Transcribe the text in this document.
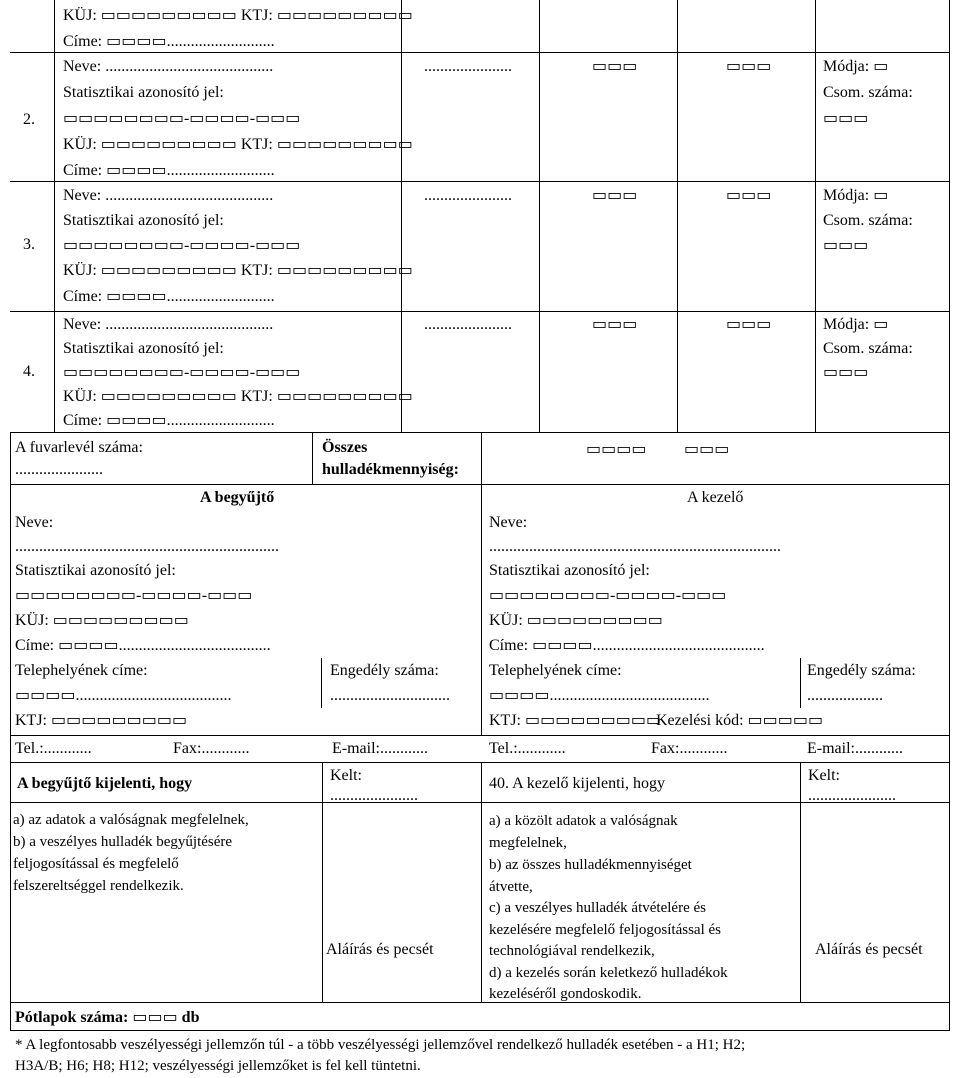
KÜJ: ▭▭▭▭▭▭▭▭▭ KTJ: ▭▭▭▭▭▭▭▭▭
Címe: ▭▭▭▭...........................
2.
Neve: ..........................................
Statisztikai azonosító jel:
▭▭▭▭▭▭▭▭-▭▭▭▭-▭▭▭
KÜJ: ▭▭▭▭▭▭▭▭▭ KTJ: ▭▭▭▭▭▭▭▭▭
Címe: ▭▭▭▭...........................
......................	▭▭▭	▭▭▭	Módja: ▭
Csom. száma:
▭▭▭
3.
Neve: ..........................................
Statisztikai azonosító jel:
▭▭▭▭▭▭▭▭-▭▭▭▭-▭▭▭
KÜJ: ▭▭▭▭▭▭▭▭▭ KTJ: ▭▭▭▭▭▭▭▭▭
Címe: ▭▭▭▭...........................
......................	▭▭▭	▭▭▭	Módja: ▭
Csom. száma:
▭▭▭
4.
Neve: ..........................................
Statisztikai azonosító jel:
▭▭▭▭▭▭▭▭-▭▭▭▭-▭▭▭
KÜJ: ▭▭▭▭▭▭▭▭▭ KTJ: ▭▭▭▭▭▭▭▭▭
Címe: ▭▭▭▭...........................
......................	▭▭▭	▭▭▭	Módja: ▭
Csom. száma:
▭▭▭
A fuvarlevél száma:
......................
Összes
hulladékmennyiség:
▭▭▭▭ ▭▭▭
A begyűjtő
Neve:
..................................................................
Statisztikai azonosító jel:
▭▭▭▭▭▭▭▭-▭▭▭▭-▭▭▭
KÜJ: ▭▭▭▭▭▭▭▭▭
Címe: ▭▭▭▭......................................
Telephelyének címe:
▭▭▭▭.......................................
Engedély száma:
..............................
KTJ: ▭▭▭▭▭▭▭▭▭
Tel.:............	Fax:............	E-mail:............
A kezelő
Neve:
.........................................................................
Statisztikai azonosító jel:
▭▭▭▭▭▭▭▭-▭▭▭▭-▭▭▭
KÜJ: ▭▭▭▭▭▭▭▭▭
Címe: ▭▭▭▭...........................................
Telephelyének címe:
▭▭▭▭........................................
Engedély száma:
...................
KTJ: ▭▭▭▭▭▭▭▭▭
Kezelési kód: ▭▭▭▭▭
Tel.:............	Fax:............	E-mail:............
A begyűjtő kijelenti, hogy	Kelt:
......................
a) az adatok a valóságnak megfelelnek,
b) a veszélyes hulladék begyűjtésére
feljogosítással és megfelelő
felszereltséggel rendelkezik.
Aláírás és pecsét
40. A kezelő kijelenti, hogy	Kelt:
......................
a) a közölt adatok a valóságnak
megfelelnek,
b) az összes hulladékmennyiséget
átvette,
c) a veszélyes hulladék átvételére és
kezelésére megfelelő feljogosítással és
technológiával rendelkezik,
d) a kezelés során keletkező hulladékok
kezeléséről gondoskodik.
Aláírás és pecsét
Pótlapok száma: ▭▭▭ db
* A legfontosabb veszélyességi jellemzőn túl - a több veszélyességi jellemzővel rendelkező hulladék esetében - a H1; H2;
H3A/B; H6; H8; H12; veszélyességi jellemzőket is fel kell tüntetni.
